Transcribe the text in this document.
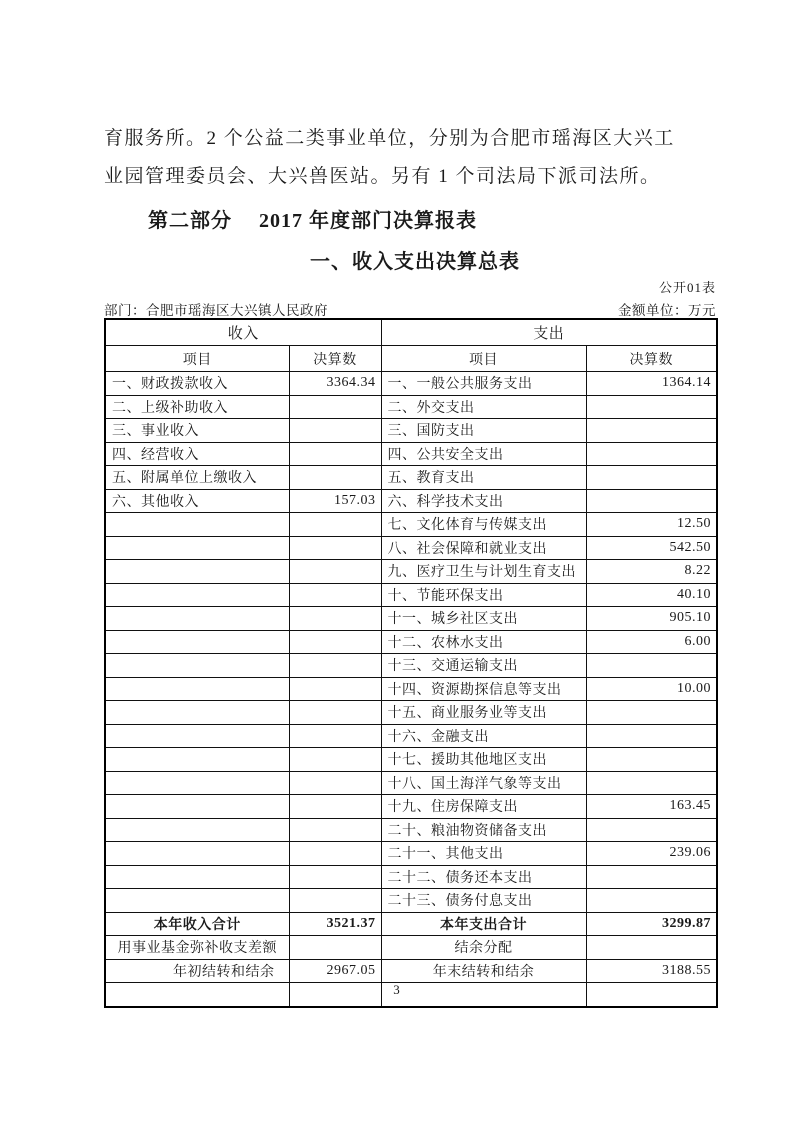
育服务所。2 个公益二类事业单位，分别为合肥市瑶海区大兴工
业园管理委员会、大兴兽医站。另有 1 个司法局下派司法所。
第二部分　 2017 年度部门决算报表
一、收入支出决算总表
公开01表
部门：合肥市瑶海区大兴镇人民政府	金额单位：万元
收入		支出	
项目	决算数	项目	决算数
一、财政拨款收入	3364.34	一、一般公共服务支出	1364.14
二、上级补助收入		二、外交支出	
三、事业收入		三、国防支出	
四、经营收入		四、公共安全支出	
五、附属单位上缴收入		五、教育支出	
六、其他收入	157.03	六、科学技术支出	
		七、文化体育与传媒支出	12.50
		八、社会保障和就业支出	542.50
		九、医疗卫生与计划生育支出	8.22
		十、节能环保支出	40.10
		十一、城乡社区支出	905.10
		十二、农林水支出	6.00
		十三、交通运输支出	
		十四、资源勘探信息等支出	10.00
		十五、商业服务业等支出	
		十六、金融支出	
		十七、援助其他地区支出	
		十八、国土海洋气象等支出	
		十九、住房保障支出	163.45
		二十、粮油物资储备支出	
		二十一、其他支出	239.06
		二十二、债务还本支出	
		二十三、债务付息支出	
本年收入合计	3521.37	本年支出合计	3299.87
用事业基金弥补收支差额		结余分配	
年初结转和结余	2967.05	年末结转和结余	3188.55

3
